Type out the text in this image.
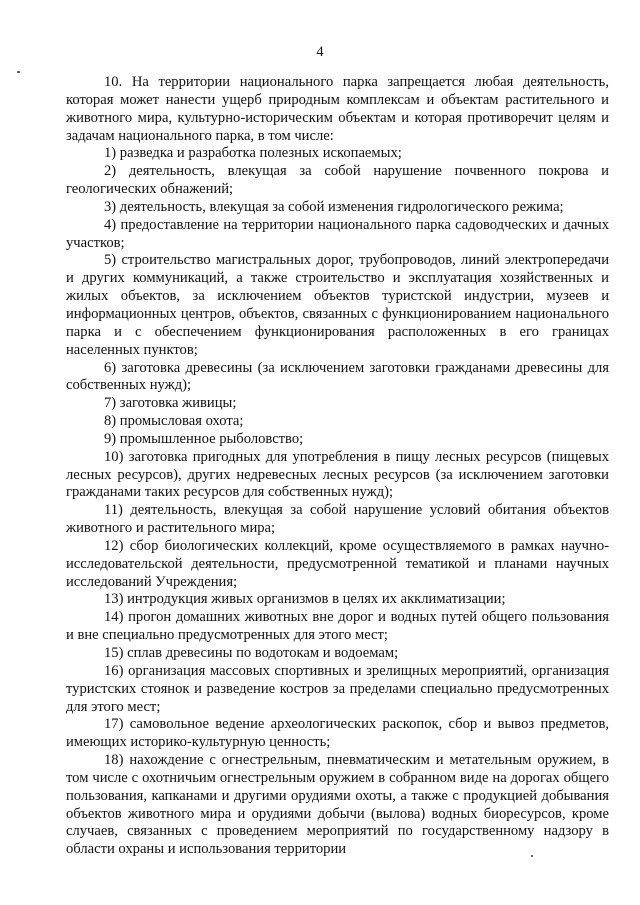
4

10. На территории национального парка запрещается любая деятельность, которая может нанести ущерб природным комплексам и объектам растительного и животного мира, культурно-историческим объектам и которая противоречит целям и задачам национального парка, в том числе:

1) разведка и разработка полезных ископаемых;

2) деятельность, влекущая за собой нарушение почвенного покрова и геологических обнажений;

3) деятельность, влекущая за собой изменения гидрологического режима;

4) предоставление на территории национального парка садоводческих и дачных участков;

5) строительство магистральных дорог, трубопроводов, линий электропередачи и других коммуникаций, а также строительство и эксплуатация хозяйственных и жилых объектов, за исключением объектов туристской индустрии, музеев и информационных центров, объектов, связанных с функционированием национального парка и с обеспечением функционирования расположенных в его границах населенных пунктов;

6) заготовка древесины (за исключением заготовки гражданами древесины для собственных нужд);

7) заготовка живицы;

8) промысловая охота;

9) промышленное рыболовство;

10) заготовка пригодных для употребления в пищу лесных ресурсов (пищевых лесных ресурсов), других недревесных лесных ресурсов (за исключением заготовки гражданами таких ресурсов для собственных нужд);

11) деятельность, влекущая за собой нарушение условий обитания объектов животного и растительного мира;

12) сбор биологических коллекций, кроме осуществляемого в рамках научно-исследовательской деятельности, предусмотренной тематикой и планами научных исследований Учреждения;

13) интродукция живых организмов в целях их акклиматизации;

14) прогон домашних животных вне дорог и водных путей общего пользования и вне специально предусмотренных для этого мест;

15) сплав древесины по водотокам и водоемам;

16) организация массовых спортивных и зрелищных мероприятий, организация туристских стоянок и разведение костров за пределами специально предусмотренных для этого мест;

17) самовольное ведение археологических раскопок, сбор и вывоз предметов, имеющих историко-культурную ценность;

18) нахождение с огнестрельным, пневматическим и метательным оружием, в том числе с охотничьим огнестрельным оружием в собранном виде на дорогах общего пользования, капканами и другими орудиями охоты, а также с продукцией добывания объектов животного мира и орудиями добычи (вылова) водных биоресурсов, кроме случаев, связанных с проведением мероприятий по государственному надзору в области охраны и использования территории
